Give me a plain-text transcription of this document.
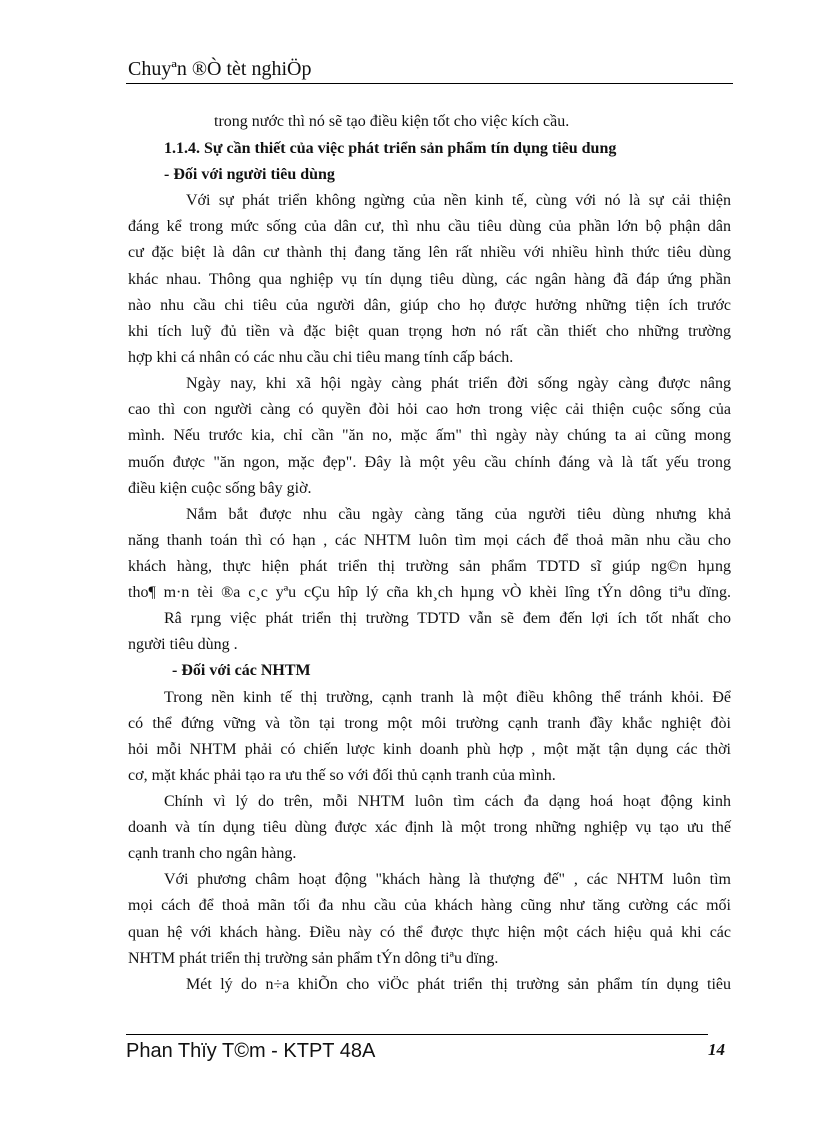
Chuyªn ®Ò tèt nghiÖp
trong nước thì nó sẽ tạo điều kiện tốt cho việc kích cầu.
1.1.4. Sự cần thiết của việc phát triển sản phẩm tín dụng tiêu dung
- Đối với người tiêu dùng
Với sự phát triển không ngừng của nền kinh tế, cùng với nó là sự cải thiện
đáng kể trong mức sống của dân cư, thì nhu cầu tiêu dùng của phần lớn bộ phận dân
cư đặc biệt là dân cư thành thị đang tăng lên rất nhiều với nhiều hình thức tiêu dùng
khác nhau. Thông qua nghiệp vụ tín dụng tiêu dùng, các ngân hàng đã đáp ứng phần
nào nhu cầu chi tiêu của người dân, giúp cho họ được hưởng những tiện ích trước
khi tích luỹ đủ tiền và đặc biệt quan trọng hơn nó rất cần thiết cho những trường
hợp khi cá nhân có các nhu cầu chi tiêu mang tính cấp bách.
Ngày nay, khi xã hội ngày càng phát triển đời sống ngày càng được nâng
cao thì con người càng có quyền đòi hỏi cao hơn trong việc cải thiện cuộc sống của
mình. Nếu trước kia, chỉ cần "ăn no, mặc ấm" thì ngày này chúng ta ai cũng mong
muốn được "ăn ngon, mặc đẹp". Đây là một yêu cầu chính đáng và là tất yếu trong
điều kiện cuộc sống bây giờ.
Nắm bắt được nhu cầu ngày càng tăng của người tiêu dùng nhưng khả
năng thanh toán thì có hạn , các NHTM luôn tìm mọi cách để thoả mãn nhu cầu cho
khách hàng, thực hiện phát triển thị trường sản phẩm TDTD sĩ giúp ng©n hµng
tho¶ m·n tèi ®a c¸c yªu cÇu hîp lý cña kh¸ch hµng vÒ khèi lîng tÝn dông tiªu dïng.
Râ rµng việc phát triển thị trường TDTD vẫn sẽ đem đến lợi ích tốt nhất cho
người tiêu dùng .
- Đối với các NHTM
Trong nền kinh tế thị trường, cạnh tranh là một điều không thể tránh khỏi. Để
có thể đứng vững và tồn tại trong một môi trường cạnh tranh đầy khắc nghiệt đòi
hỏi mỗi NHTM phải có chiến lược kinh doanh phù hợp , một mặt tận dụng các thời
cơ, mặt khác phải tạo ra ưu thế so với đối thủ cạnh tranh của mình.
Chính vì lý do trên, mỗi NHTM luôn tìm cách đa dạng hoá hoạt động kinh
doanh và tín dụng tiêu dùng được xác định là một trong những nghiệp vụ tạo ưu thế
cạnh tranh cho ngân hàng.
Với phương châm hoạt động "khách hàng là thượng đế" , các NHTM luôn tìm
mọi cách để thoả mãn tối đa nhu cầu của khách hàng cũng như tăng cường các mối
quan hệ với khách hàng. Điều này có thể được thực hiện một cách hiệu quả khi các
NHTM phát triển thị trường sản phẩm tÝn dông tiªu dïng.
Mét lý do n÷a khiÕn cho viÖc phát triển thị trường sản phẩm tín dụng tiêu
Phan Thïy T©m - KTPT 48A	14
